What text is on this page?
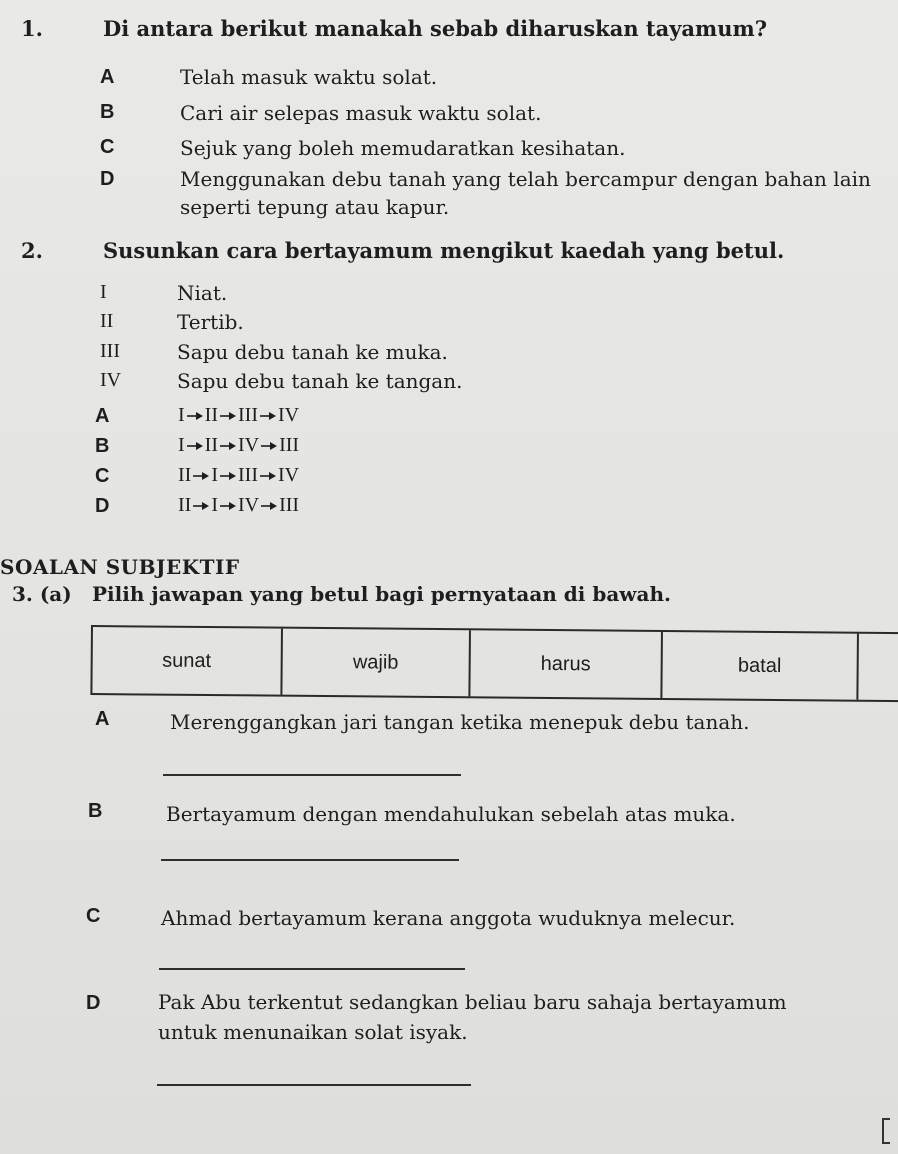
1.	Di antara berikut manakah sebab diharuskan tayamum?
A	Telah masuk waktu solat.
B	Cari air selepas masuk waktu solat.
C	Sejuk yang boleh memudaratkan kesihatan.
D	Menggunakan debu tanah yang telah bercampur dengan bahan lain
seperti tepung atau kapur.
2.	Susunkan cara bertayamum mengikut kaedah yang betul.
I	Niat.
II	Tertib.
III	Sapu debu tanah ke muka.
IV	Sapu debu tanah ke tangan.
A	I II III IV
B	I II IV III
C	II I III IV
D	II I IV III
SOALAN SUBJEKTIF
3. (a) Pilih jawapan yang betul bagi pernyataan di bawah.
sunat	wajib	harus	batal
A	Merenggangkan jari tangan ketika menepuk debu tanah.
B	Bertayamum dengan mendahulukan sebelah atas muka.
C	Ahmad bertayamum kerana anggota wuduknya melecur.
D	Pak Abu terkentut sedangkan beliau baru sahaja bertayamum
untuk menunaikan solat isyak.
